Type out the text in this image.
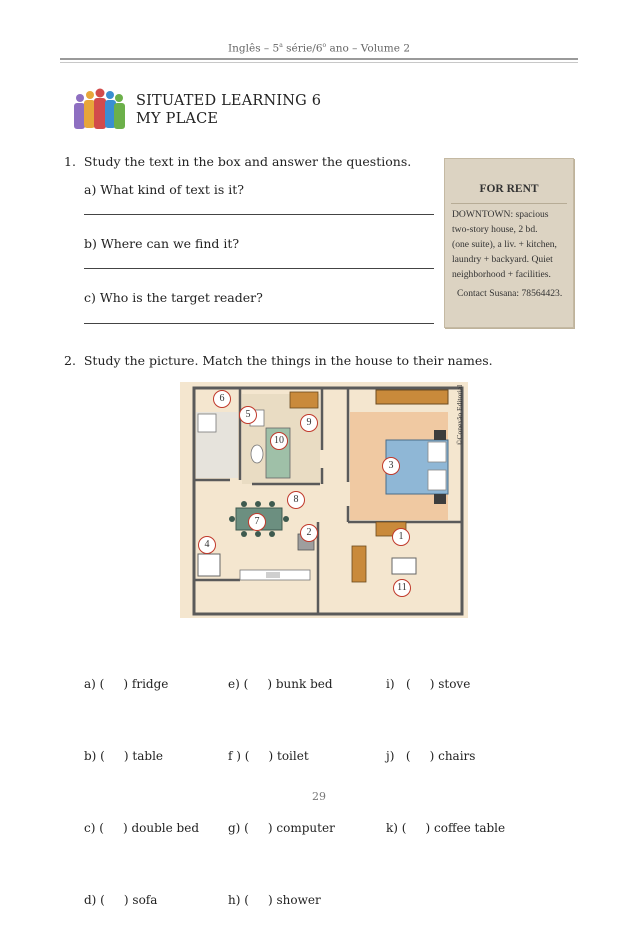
Inglês – 5$^a$ série/6$^o$ ano – Volume 2
SITUATED LEARNING 6
MY PLACE
1.  Study the text in the box and answer the questions.
a) What kind of text is it?
b) Where can we find it?
c) Who is the target reader?
FOR RENT
DOWNTOWN: spacious
two-story house, 2 bd.
(one suite), a liv. + kitchen,
laundry + backyard. Quiet
neighborhood + facilities.
Contact Susana: 78564423.
2.  Study the picture. Match the things in the house to their names.
1
2
3
4
5
6
7
8
9
10
11
©Conexão Editorial

a) (     ) fridge

b) (     ) table

c) (     ) double bed

d) (     ) sofa

e) (     ) bunk bed

f ) (     ) toilet

g) (     ) computer

h) (     ) shower

i)   (     ) stove

j)   (     ) chairs

k) (     ) coffee table

29
